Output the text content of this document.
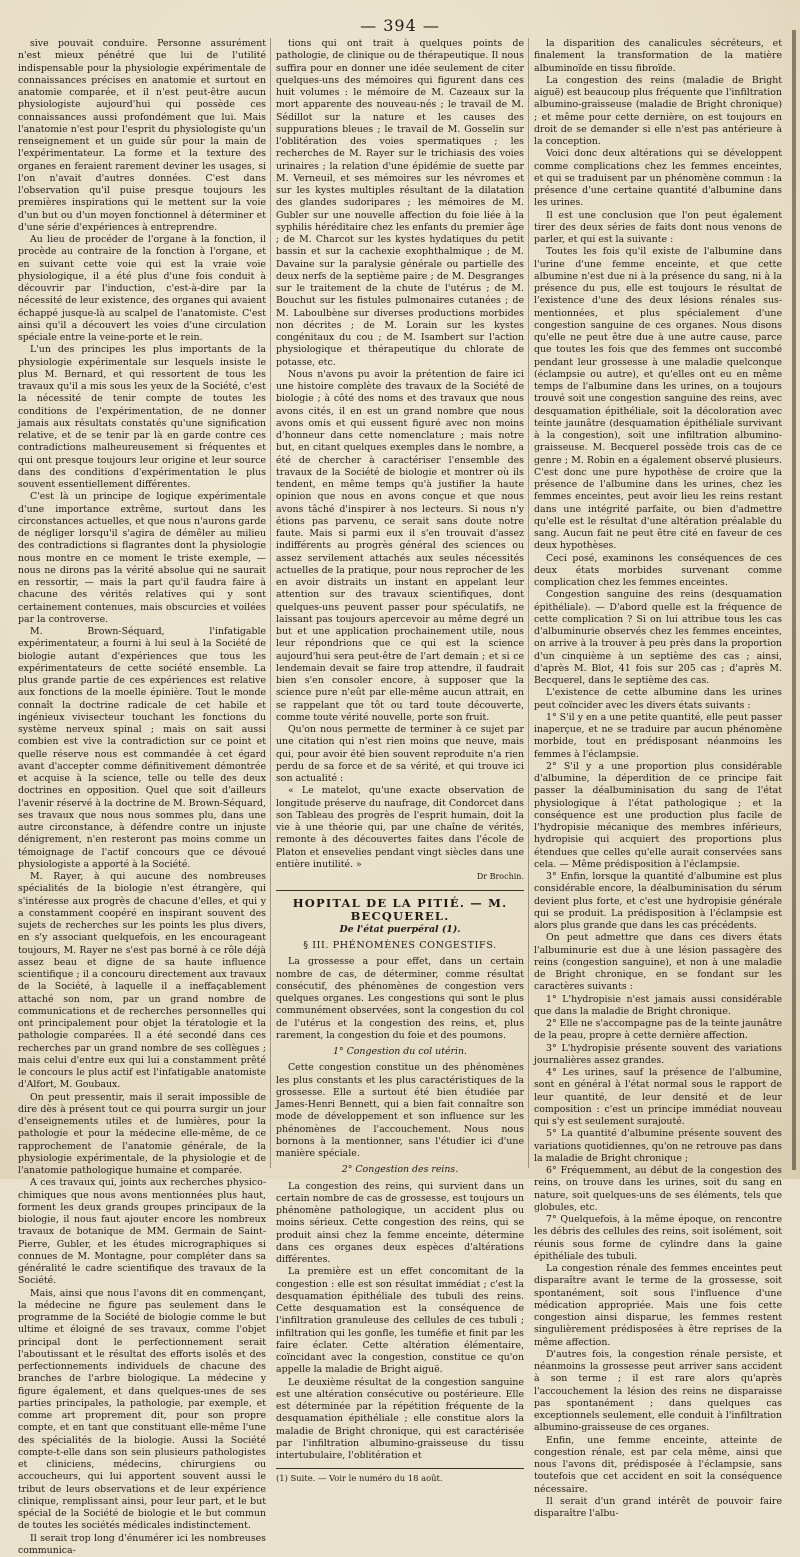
— 394 —

sive pouvait conduire. Personne assurément n'est mieux pénétré que lui de l'utilité indispensable pour la physiologie expérimentale de connaissances précises en anatomie et surtout en anatomie comparée, et il n'est peut-être aucun physiologiste aujourd'hui qui possède ces connaissances aussi profondément que lui. Mais l'anatomie n'est pour l'esprit du physiologiste qu'un renseignement et un guide sûr pour la main de l'expérimentateur. La forme et la texture des organes en feraient rarement deviner les usages, si l'on n'avait d'autres données. C'est dans l'observation qu'il puise presque toujours les premières inspirations qui le mettent sur la voie d'un but ou d'un moyen fonctionnel à déterminer et d'une série d'expériences à entreprendre.

Au lieu de procéder de l'organe à la fonction, il procède au contraire de la fonction à l'organe, et en suivant cette voie qui est la vraie voie physiologique, il a été plus d'une fois conduit à découvrir par l'induction, c'est-à-dire par la nécessité de leur existence, des organes qui avaient échappé jusque-là au scalpel de l'anatomiste. C'est ainsi qu'il a découvert les voies d'une circulation spéciale entre la veine-porte et le rein.

L'un des principes les plus importants de la physiologie expérimentale sur lesquels insiste le plus M. Bernard, et qui ressortent de tous les travaux qu'il a mis sous les yeux de la Société, c'est la nécessité de tenir compte de toutes les conditions de l'expérimentation, de ne donner jamais aux résultats constatés qu'une signification relative, et de se tenir par là en garde contre ces contradictions malheureusement si fréquentes et qui ont presque toujours leur origine et leur source dans des conditions d'expérimentation le plus souvent essentiellement différentes.

C'est là un principe de logique expérimentale d'une importance extrême, surtout dans les circonstances actuelles, et que nous n'aurons garde de négliger lorsqu'il s'agira de démêler au milieu des contradictions si flagrantes dont la physiologie nous montre en ce moment le triste exemple, — nous ne dirons pas la vérité absolue qui ne saurait en ressortir, — mais la part qu'il faudra faire à chacune des vérités relatives qui y sont certainement contenues, mais obscurcies et voilées par la controverse.

M. Brown-Séquard, l'infatigable expérimentateur, a fourni à lui seul à la Société de biologie autant d'expériences que tous les expérimentateurs de cette société ensemble. La plus grande partie de ces expériences est relative aux fonctions de la moelle épinière. Tout le monde connaît la doctrine radicale de cet habile et ingénieux vivisecteur touchant les fonctions du système nerveux spinal ; mais on sait aussi combien est vive la contradiction sur ce point et quelle réserve nous est commandée à cet égard avant d'accepter comme définitivement démontrée et acquise à la science, telle ou telle des deux doctrines en opposition. Quel que soit d'ailleurs l'avenir réservé à la doctrine de M. Brown-Séquard, ses travaux que nous nous sommes plu, dans une autre circonstance, à défendre contre un injuste dénigrement, n'en resteront pas moins comme un témoignage de l'actif concours que ce dévoué physiologiste a apporté à la Société.

M. Rayer, à qui aucune des nombreuses spécialités de la biologie n'est étrangère, qui s'intéresse aux progrès de chacune d'elles, et qui y a constamment coopéré en inspirant souvent des sujets de recherches sur les points les plus divers, en s'y associant quelquefois, en les encourageant toujours, M. Rayer ne s'est pas borné à ce rôle déjà assez beau et digne de sa haute influence scientifique ; il a concouru directement aux travaux de la Société, à laquelle il a ineffaçablement attaché son nom, par un grand nombre de communications et de recherches personnelles qui ont principalement pour objet la tératologie et la pathologie comparées. Il a été secondé dans ces recherches par un grand nombre de ses collègues ; mais celui d'entre eux qui lui a constamment prêté le concours le plus actif est l'infatigable anatomiste d'Alfort, M. Goubaux.

On peut pressentir, mais il serait impossible de dire dès à présent tout ce qui pourra surgir un jour d'enseignements utiles et de lumières, pour la pathologie et pour la médecine elle-même, de ce rapprochement de l'anatomie générale, de la physiologie expérimentale, de la physiologie et de l'anatomie pathologique humaine et comparée.

A ces travaux qui, joints aux recherches physico-chimiques que nous avons mentionnées plus haut, forment les deux grands groupes principaux de la biologie, il nous faut ajouter encore les nombreux travaux de botanique de MM. Germain de Saint-Pierre, Gubler, et les études micrographiques si connues de M. Montagne, pour compléter dans sa généralité le cadre scientifique des travaux de la Société.

Mais, ainsi que nous l'avons dit en commençant, la médecine ne figure pas seulement dans le programme de la Société de biologie comme le but ultime et éloigné de ses travaux, comme l'objet principal dont le perfectionnement serait l'aboutissant et le résultat des efforts isolés et des perfectionnements individuels de chacune des branches de l'arbre biologique. La médecine y figure également, et dans quelques-unes de ses parties principales, la pathologie, par exemple, et comme art proprement dit, pour son propre compte, et en tant que constituant elle-même l'une des spécialités de la biologie. Aussi la Société compte-t-elle dans son sein plusieurs pathologistes et cliniciens, médecins, chirurgiens ou accoucheurs, qui lui apportent souvent aussi le tribut de leurs observations et de leur expérience clinique, remplissant ainsi, pour leur part, et le but spécial de la Société de biologie et le but commun de toutes les sociétés médicales indistinctement.

Il serait trop long d'énumérer ici les nombreuses communica-

tions qui ont trait à quelques points de pathologie, de clinique ou de thérapeutique. Il nous suffira pour en donner une idée seulement de citer quelques-uns des mémoires qui figurent dans ces huit volumes : le mémoire de M. Cazeaux sur la mort apparente des nouveau-nés ; le travail de M. Sédillot sur la nature et les causes des suppurations bleues ; le travail de M. Gosselin sur l'oblitération des voies spermatiques ; les recherches de M. Rayer sur le trichiasis des voies urinaires ; la relation d'une épidémie de suette par M. Verneuil, et ses mémoires sur les névromes et sur les kystes multiples résultant de la dilatation des glandes sudoripares ; les mémoires de M. Gubler sur une nouvelle affection du foie liée à la syphilis héréditaire chez les enfants du premier âge ; de M. Charcot sur les kystes hydatiques du petit bassin et sur la cachexie exophthalmique ; de M. Davaine sur la paralysie générale ou partielle des deux nerfs de la septième paire ; de M. Desgranges sur le traitement de la chute de l'utérus ; de M. Bouchut sur les fistules pulmonaires cutanées ; de M. Laboulbène sur diverses productions morbides non décrites ; de M. Lorain sur les kystes congénitaux du cou ; de M. Isambert sur l'action physiologique et thérapeutique du chlorate de potasse, etc.

Nous n'avons pu avoir la prétention de faire ici une histoire complète des travaux de la Société de biologie ; à côté des noms et des travaux que nous avons cités, il en est un grand nombre que nous avons omis et qui eussent figuré avec non moins d'honneur dans cette nomenclature ; mais notre but, en citant quelques exemples dans le nombre, a été de chercher à caractériser l'ensemble des travaux de la Société de biologie et montrer où ils tendent, en même temps qu'à justifier la haute opinion que nous en avons conçue et que nous avons tâché d'inspirer à nos lecteurs. Si nous n'y étions pas parvenu, ce serait sans doute notre faute. Mais si parmi eux il s'en trouvait d'assez indifférents au progrès général des sciences ou assez servilement attachés aux seules nécessités actuelles de la pratique, pour nous reprocher de les en avoir distraits un instant en appelant leur attention sur des travaux scientifiques, dont quelques-uns peuvent passer pour spéculatifs, ne laissant pas toujours apercevoir au même degré un but et une application prochainement utile, nous leur répondrions que ce qui est la science aujourd'hui sera peut-être de l'art demain ; et si ce lendemain devait se faire trop attendre, il faudrait bien s'en consoler encore, à supposer que la science pure n'eût par elle-même aucun attrait, en se rappelant que tôt ou tard toute découverte, comme toute vérité nouvelle, porte son fruit.

Qu'on nous permette de terminer à ce sujet par une citation qui n'est rien moins que neuve, mais qui, pour avoir été bien souvent reproduite n'a rien perdu de sa force et de sa vérité, et qui trouve ici son actualité :

« Le matelot, qu'une exacte observation de longitude préserve du naufrage, dit Condorcet dans son Tableau des progrès de l'esprit humain, doit la vie à une théorie qui, par une chaîne de vérités, remonte à des découvertes faites dans l'école de Platon et ensevelies pendant vingt siècles dans une entière inutilité. »

Dr Brochin.
HOPITAL DE LA PITIÉ. — M. BECQUEREL.
De l'état puerpéral (1).
§ III. PHÉNOMÈNES CONGESTIFS.

La grossesse a pour effet, dans un certain nombre de cas, de déterminer, comme résultat consécutif, des phénomènes de congestion vers quelques organes. Les congestions qui sont le plus communément observées, sont la congestion du col de l'utérus et la congestion des reins, et, plus rarement, la congestion du foie et des poumons.

1° Congestion du col utérin.

Cette congestion constitue un des phénomènes les plus constants et les plus caractéristiques de la grossesse. Elle a surtout été bien étudiée par James-Henri Bennett, qui a bien fait connaître son mode de développement et son influence sur les phénomènes de l'accouchement. Nous nous bornons à la mentionner, sans l'étudier ici d'une manière spéciale.

2° Congestion des reins.

La congestion des reins, qui survient dans un certain nombre de cas de grossesse, est toujours un phénomène pathologique, un accident plus ou moins sérieux. Cette congestion des reins, qui se produit ainsi chez la femme enceinte, détermine dans ces organes deux espèces d'altérations différentes.

La première est un effet concomitant de la congestion : elle est son résultat immédiat ; c'est la desquamation épithéliale des tubuli des reins. Cette desquamation est la conséquence de l'infiltration granuleuse des cellules de ces tubuli ; infiltration qui les gonfle, les tuméfie et finit par les faire éclater. Cette altération élémentaire, coïncidant avec la congestion, constitue ce qu'on appelle la maladie de Bright aiguë.

Le deuxième résultat de la congestion sanguine est une altération consécutive ou postérieure. Elle est déterminée par la répétition fréquente de la desquamation épithéliale ; elle constitue alors la maladie de Bright chronique, qui est caractérisée par l'infiltration albumino-graisseuse du tissu intertubulaire, l'oblitération et

(1) Suite. — Voir le numéro du 18 août.

la disparition des canalicules sécréteurs, et finalement la transformation de la matière albuminoïde en tissu fibroïde.

La congestion des reins (maladie de Bright aiguë) est beaucoup plus fréquente que l'infiltration albumino-graisseuse (maladie de Bright chronique) ; et même pour cette dernière, on est toujours en droit de se demander si elle n'est pas antérieure à la conception.

Voici donc deux altérations qui se développent comme complications chez les femmes enceintes, et qui se traduisent par un phénomène commun : la présence d'une certaine quantité d'albumine dans les urines.

Il est une conclusion que l'on peut également tirer des deux séries de faits dont nous venons de parler, et qui est la suivante :

Toutes les fois qu'il existe de l'albumine dans l'urine d'une femme enceinte, et que cette albumine n'est due ni à la présence du sang, ni à la présence du pus, elle est toujours le résultat de l'existence d'une des deux lésions rénales sus-mentionnées, et plus spécialement d'une congestion sanguine de ces organes. Nous disons qu'elle ne peut être due à une autre cause, parce que toutes les fois que des femmes ont succombé pendant leur grossesse à une maladie quelconque (éclampsie ou autre), et qu'elles ont eu en même temps de l'albumine dans les urines, on a toujours trouvé soit une congestion sanguine des reins, avec desquamation épithéliale, soit la décoloration avec teinte jaunâtre (desquamation épithéliale survivant à la congestion), soit une infiltration albumino-graisseuse. M. Becquerel possède trois cas de ce genre ; M. Robin en a également observé plusieurs. C'est donc une pure hypothèse de croire que la présence de l'albumine dans les urines, chez les femmes enceintes, peut avoir lieu les reins restant dans une intégrité parfaite, ou bien d'admettre qu'elle est le résultat d'une altération préalable du sang. Aucun fait ne peut être cité en faveur de ces deux hypothèses.

Ceci posé, examinons les conséquences de ces deux états morbides survenant comme complication chez les femmes enceintes.

Congestion sanguine des reins (desquamation épithéliale). — D'abord quelle est la fréquence de cette complication ? Si on lui attribue tous les cas d'albuminurie observés chez les femmes enceintes, on arrive à la trouver à peu près dans la proportion d'un cinquième à un septième des cas ; ainsi, d'après M. Blot, 41 fois sur 205 cas ; d'après M. Becquerel, dans le septième des cas.

L'existence de cette albumine dans les urines peut coïncider avec les divers états suivants :

1° S'il y en a une petite quantité, elle peut passer inaperçue, et ne se traduire par aucun phénomène morbide, tout en prédisposant néanmoins les femmes à l'éclampsie.

2° S'il y a une proportion plus considérable d'albumine, la déperdition de ce principe fait passer la déalbuminisation du sang de l'état physiologique à l'état pathologique ; et la conséquence est une production plus facile de l'hydropisie mécanique des membres inférieurs, hydropisie qui acquiert des proportions plus étendues que celles qu'elle aurait conservées sans cela. — Même prédisposition à l'éclampsie.

3° Enfin, lorsque la quantité d'albumine est plus considérable encore, la déalbuminisation du sérum devient plus forte, et c'est une hydropisie générale qui se produit. La prédisposition à l'éclampsie est alors plus grande que dans les cas précédents.

On peut admettre que dans ces divers états l'albuminurie est due à une lésion passagère des reins (congestion sanguine), et non à une maladie de Bright chronique, en se fondant sur les caractères suivants :

1° L'hydropisie n'est jamais aussi considérable que dans la maladie de Bright chronique.

2° Elle ne s'accompagne pas de la teinte jaunâtre de la peau, propre à cette dernière affection.

3° L'hydropisie présente souvent des variations journalières assez grandes.

4° Les urines, sauf la présence de l'albumine, sont en général à l'état normal sous le rapport de leur quantité, de leur densité et de leur composition : c'est un principe immédiat nouveau qui s'y est seulement surajouté.

5° La quantité d'albumine présente souvent des variations quotidiennes, qu'on ne retrouve pas dans la maladie de Bright chronique ;

6° Fréquemment, au début de la congestion des reins, on trouve dans les urines, soit du sang en nature, soit quelques-uns de ses éléments, tels que globules, etc.

7° Quelquefois, à la même époque, on rencontre les débris des cellules des reins, soit isolément, soit réunis sous forme de cylindre dans la gaine épithéliale des tubuli.

La congestion rénale des femmes enceintes peut disparaître avant le terme de la grossesse, soit spontanément, soit sous l'influence d'une médication appropriée. Mais une fois cette congestion ainsi disparue, les femmes restent singulièrement prédisposées à être reprises de la même affection.

D'autres fois, la congestion rénale persiste, et néanmoins la grossesse peut arriver sans accident à son terme ; il est rare alors qu'après l'accouchement la lésion des reins ne disparaisse pas spontanément ; dans quelques cas exceptionnels seulement, elle conduit à l'infiltration albumino-graisseuse de ces organes.

Enfin, une femme enceinte, atteinte de congestion rénale, est par cela même, ainsi que nous l'avons dit, prédisposée à l'éclampsie, sans toutefois que cet accident en soit la conséquence nécessaire.

Il serait d'un grand intérêt de pouvoir faire disparaître l'albu-
